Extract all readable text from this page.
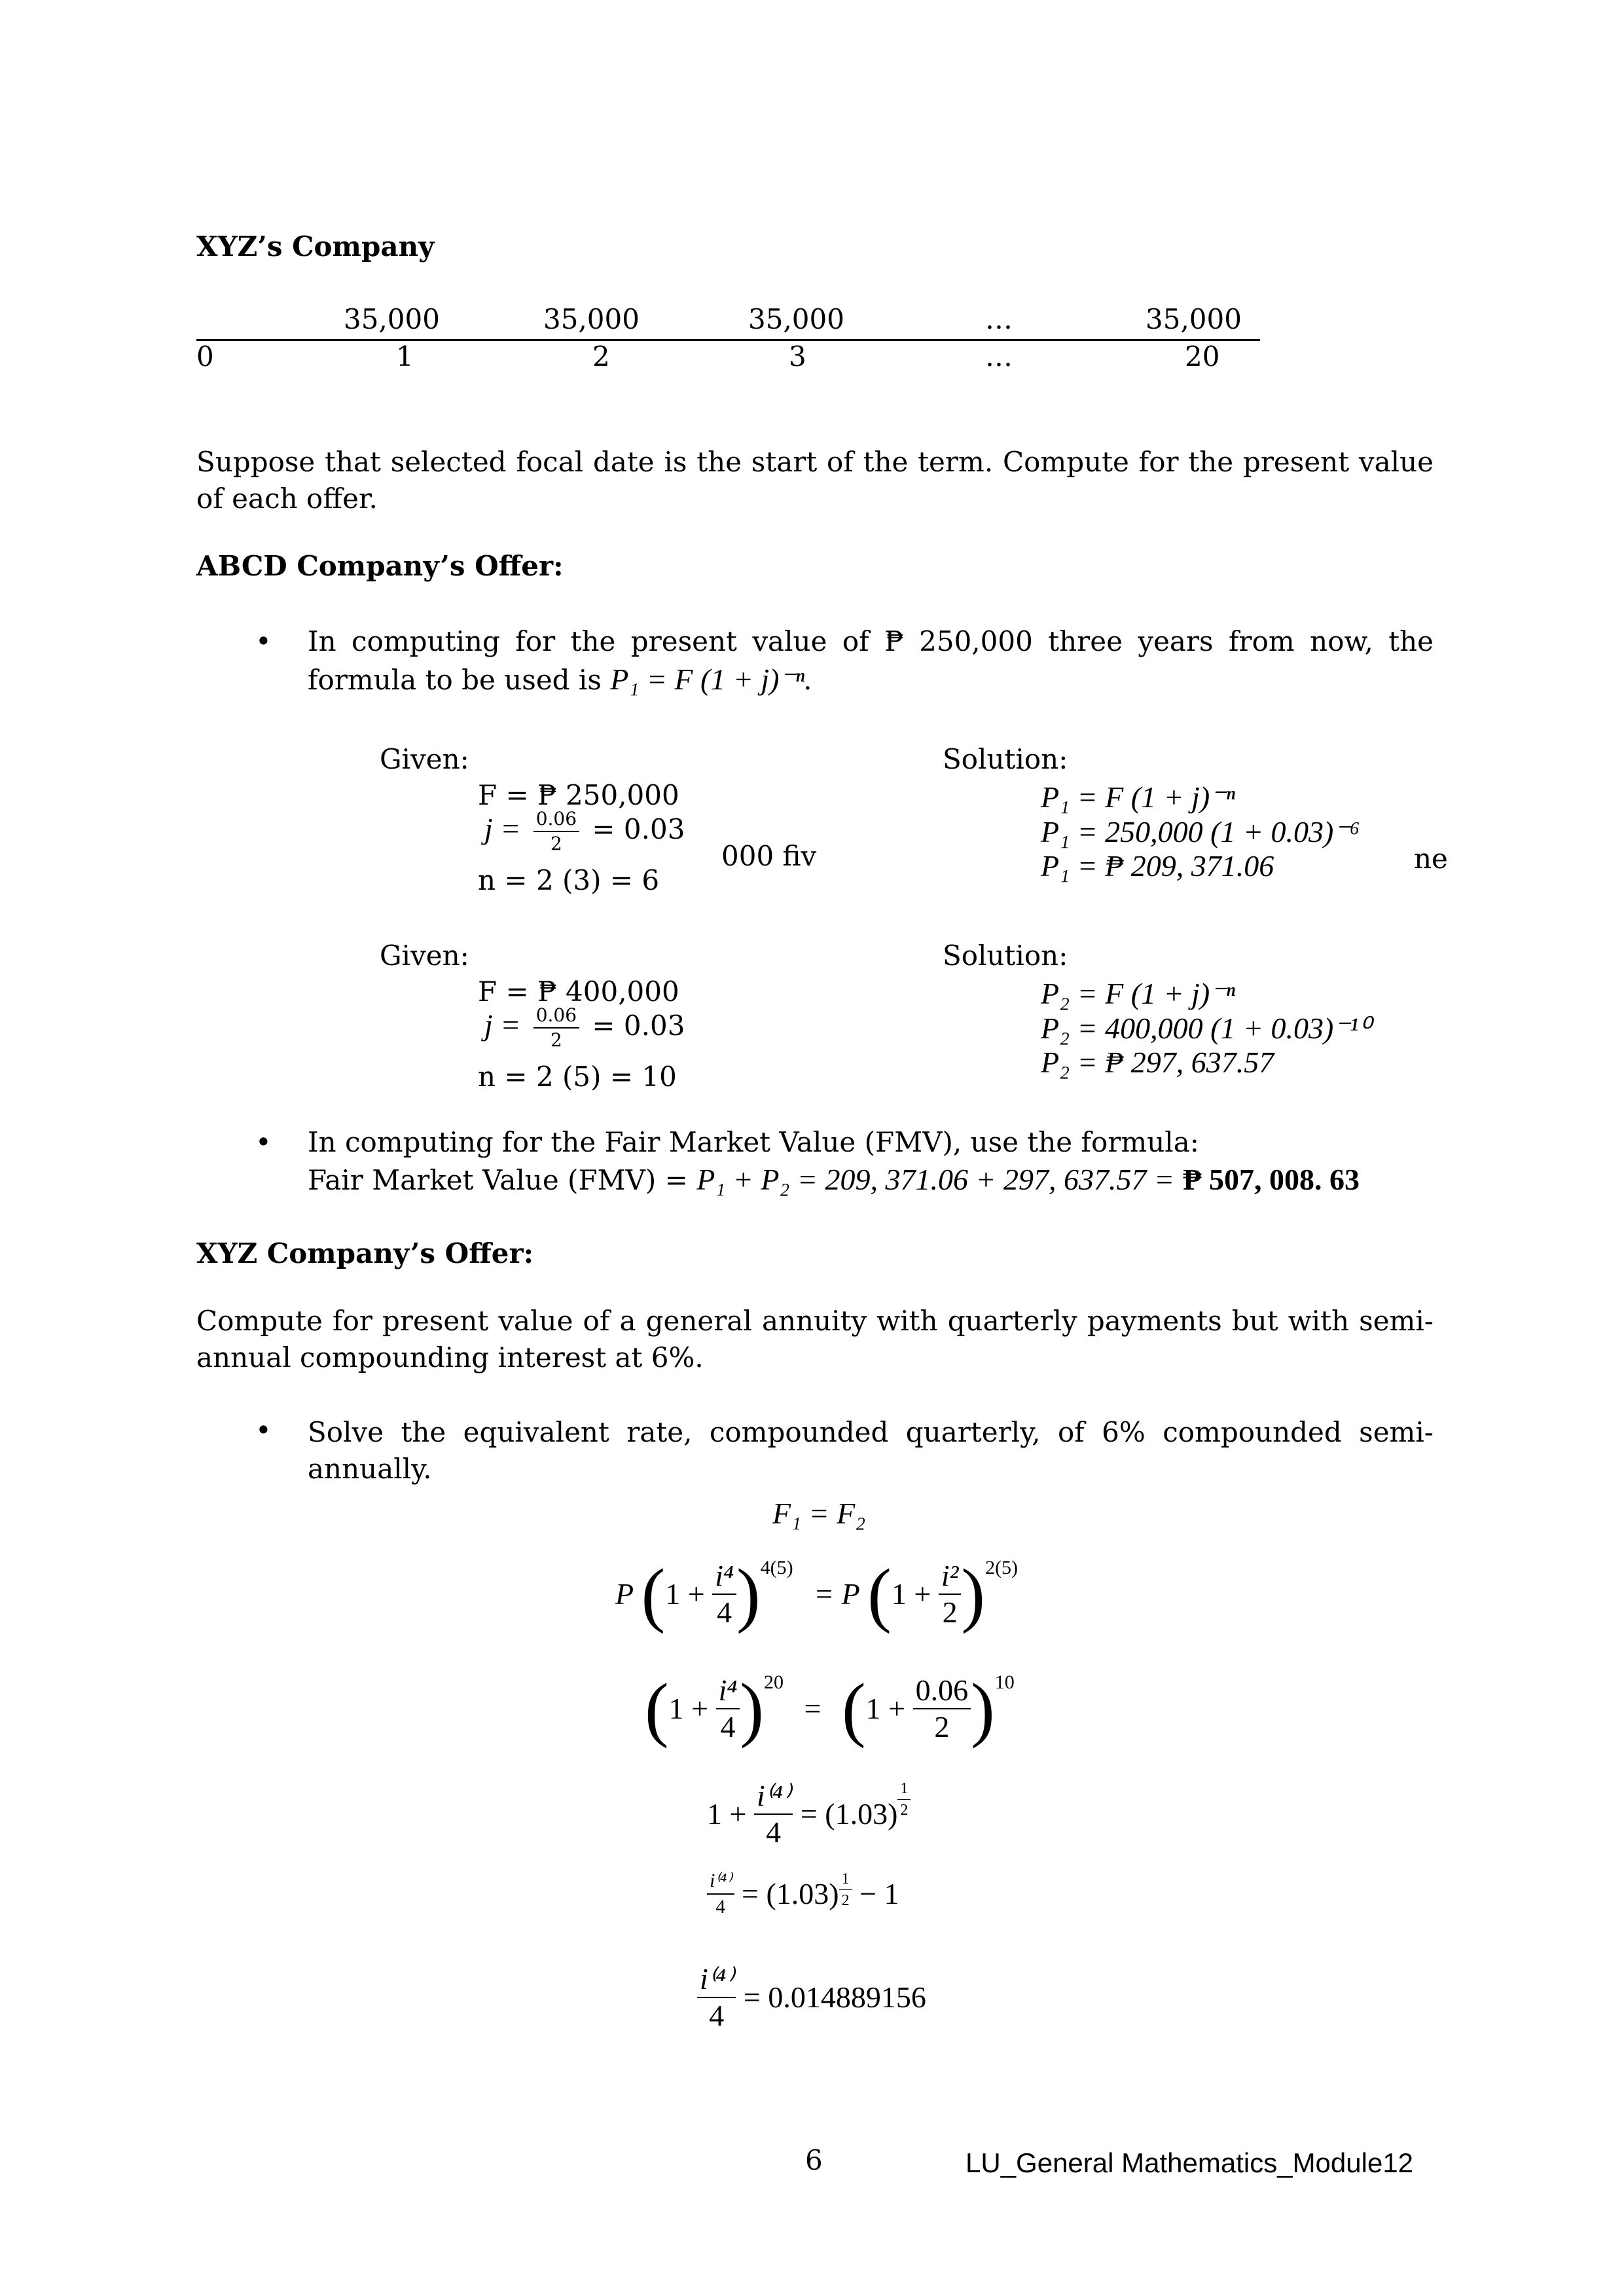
XYZ’s Company
35,000	35,000	35,000	…	35,000
0	1	2	3	…	20
Suppose that selected focal date is the start of the term. Compute for the present value of each offer.
ABCD Company’s Offer:
• In computing for the present value of ₱ 250,000 three years from now, the
formula to be used is P₁ = F (1 + j)⁻ⁿ.
Given:
F = ₱ 250,000
$j = \frac{0.06}{2} = 0.03$
n = 2 (3) = 6
000 fiv	ne
Solution:
P₁ = F (1 + j)⁻ⁿ
P₁ = 250,000 (1 + 0.03)⁻⁶
P₁ = ₱ 209, 371.06
Given:
F = ₱ 400,000
$j = \frac{0.06}{2} = 0.03$
n = 2 (5) = 10
Solution:
P₂ = F (1 + j)⁻ⁿ
P₂ = 400,000 (1 + 0.03)⁻¹⁰
P₂ = ₱ 297, 637.57
• In computing for the Fair Market Value (FMV), use the formula:
Fair Market Value (FMV) = P₁ + P₂ = 209, 371.06 + 297, 637.57 = ₱ 507, 008. 63
XYZ Company’s Offer:
Compute for present value of a general annuity with quarterly payments but with semi-annual compounding interest at 6%.
• Solve the equivalent rate, compounded quarterly, of 6% compounded semi-annually.
F₁ = F₂
P $(1 + \frac{\text{i⁴}}{4} )^{4(5)} = P$ $(1 + \frac{\text{i²}}{2} )^{2(5)}$
$(1 + \frac{\text{i⁴}}{4} )^{20} = (1 + \frac{0.06}{2} )^{10}$
$1 + \frac{\text{i⁽⁴⁾}}{4} = (1.03) \frac{1}{2}$
$\frac{\text{i⁽⁴⁾}}{4} = (1.03) \frac{1}{2} - 1$
$\frac{\text{i⁽⁴⁾}}{4} = 0.014889156$
6	LU_General Mathematics_Module12
